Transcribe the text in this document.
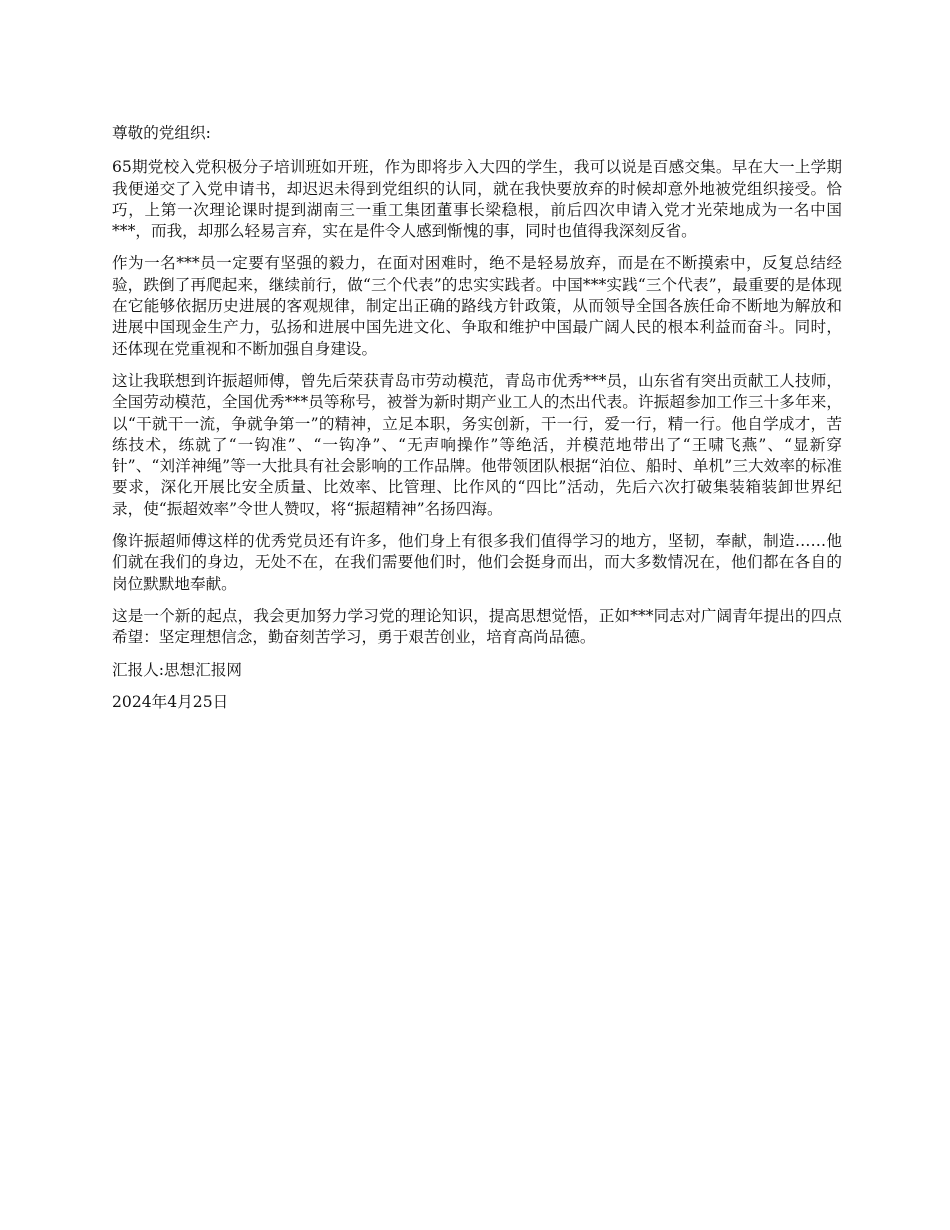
尊敬的党组织:

65期党校入党积极分子培训班如开班，作为即将步入大四的学生，我可以说是百感交集。早在大一上学期我便递交了入党申请书，却迟迟未得到党组织的认同，就在我快要放弃的时候却意外地被党组织接受。恰巧，上第一次理论课时提到湖南三一重工集团董事长梁稳根，前后四次申请入党才光荣地成为一名中国***，而我，却那么轻易言弃，实在是件令人感到惭愧的事，同时也值得我深刻反省。

作为一名***员一定要有坚强的毅力，在面对困难时，绝不是轻易放弃，而是在不断摸索中，反复总结经验，跌倒了再爬起来，继续前行，做“三个代表”的忠实实践者。中国***实践“三个代表”，最重要的是体现在它能够依据历史进展的客观规律，制定出正确的路线方针政策，从而领导全国各族任命不断地为解放和进展中国现金生产力，弘扬和进展中国先进文化、争取和维护中国最广阔人民的根本利益而奋斗。同时，还体现在党重视和不断加强自身建设。

这让我联想到许振超师傅，曾先后荣获青岛市劳动模范，青岛市优秀***员，山东省有突出贡献工人技师，全国劳动模范，全国优秀***员等称号，被誉为新时期产业工人的杰出代表。许振超参加工作三十多年来，以“干就干一流，争就争第一”的精神，立足本职，务实创新，干一行，爱一行，精一行。他自学成才，苦练技术，练就了“一钩准”、“一钩净”、“无声响操作”等绝活，并模范地带出了“王啸飞燕”、“显新穿针”、“刘洋神绳”等一大批具有社会影响的工作品牌。他带领团队根据“泊位、船时、单机”三大效率的标准要求，深化开展比安全质量、比效率、比管理、比作风的“四比”活动，先后六次打破集装箱装卸世界纪录，使“振超效率”令世人赞叹，将“振超精神”名扬四海。

像许振超师傅这样的优秀党员还有许多，他们身上有很多我们值得学习的地方，坚韧，奉献，制造……他们就在我们的身边，无处不在，在我们需要他们时，他们会挺身而出，而大多数情况在，他们都在各自的岗位默默地奉献。

这是一个新的起点，我会更加努力学习党的理论知识，提高思想觉悟，正如***同志对广阔青年提出的四点希望：坚定理想信念，勤奋刻苦学习，勇于艰苦创业，培育高尚品德。

汇报人:思想汇报网

2024年4月25日
